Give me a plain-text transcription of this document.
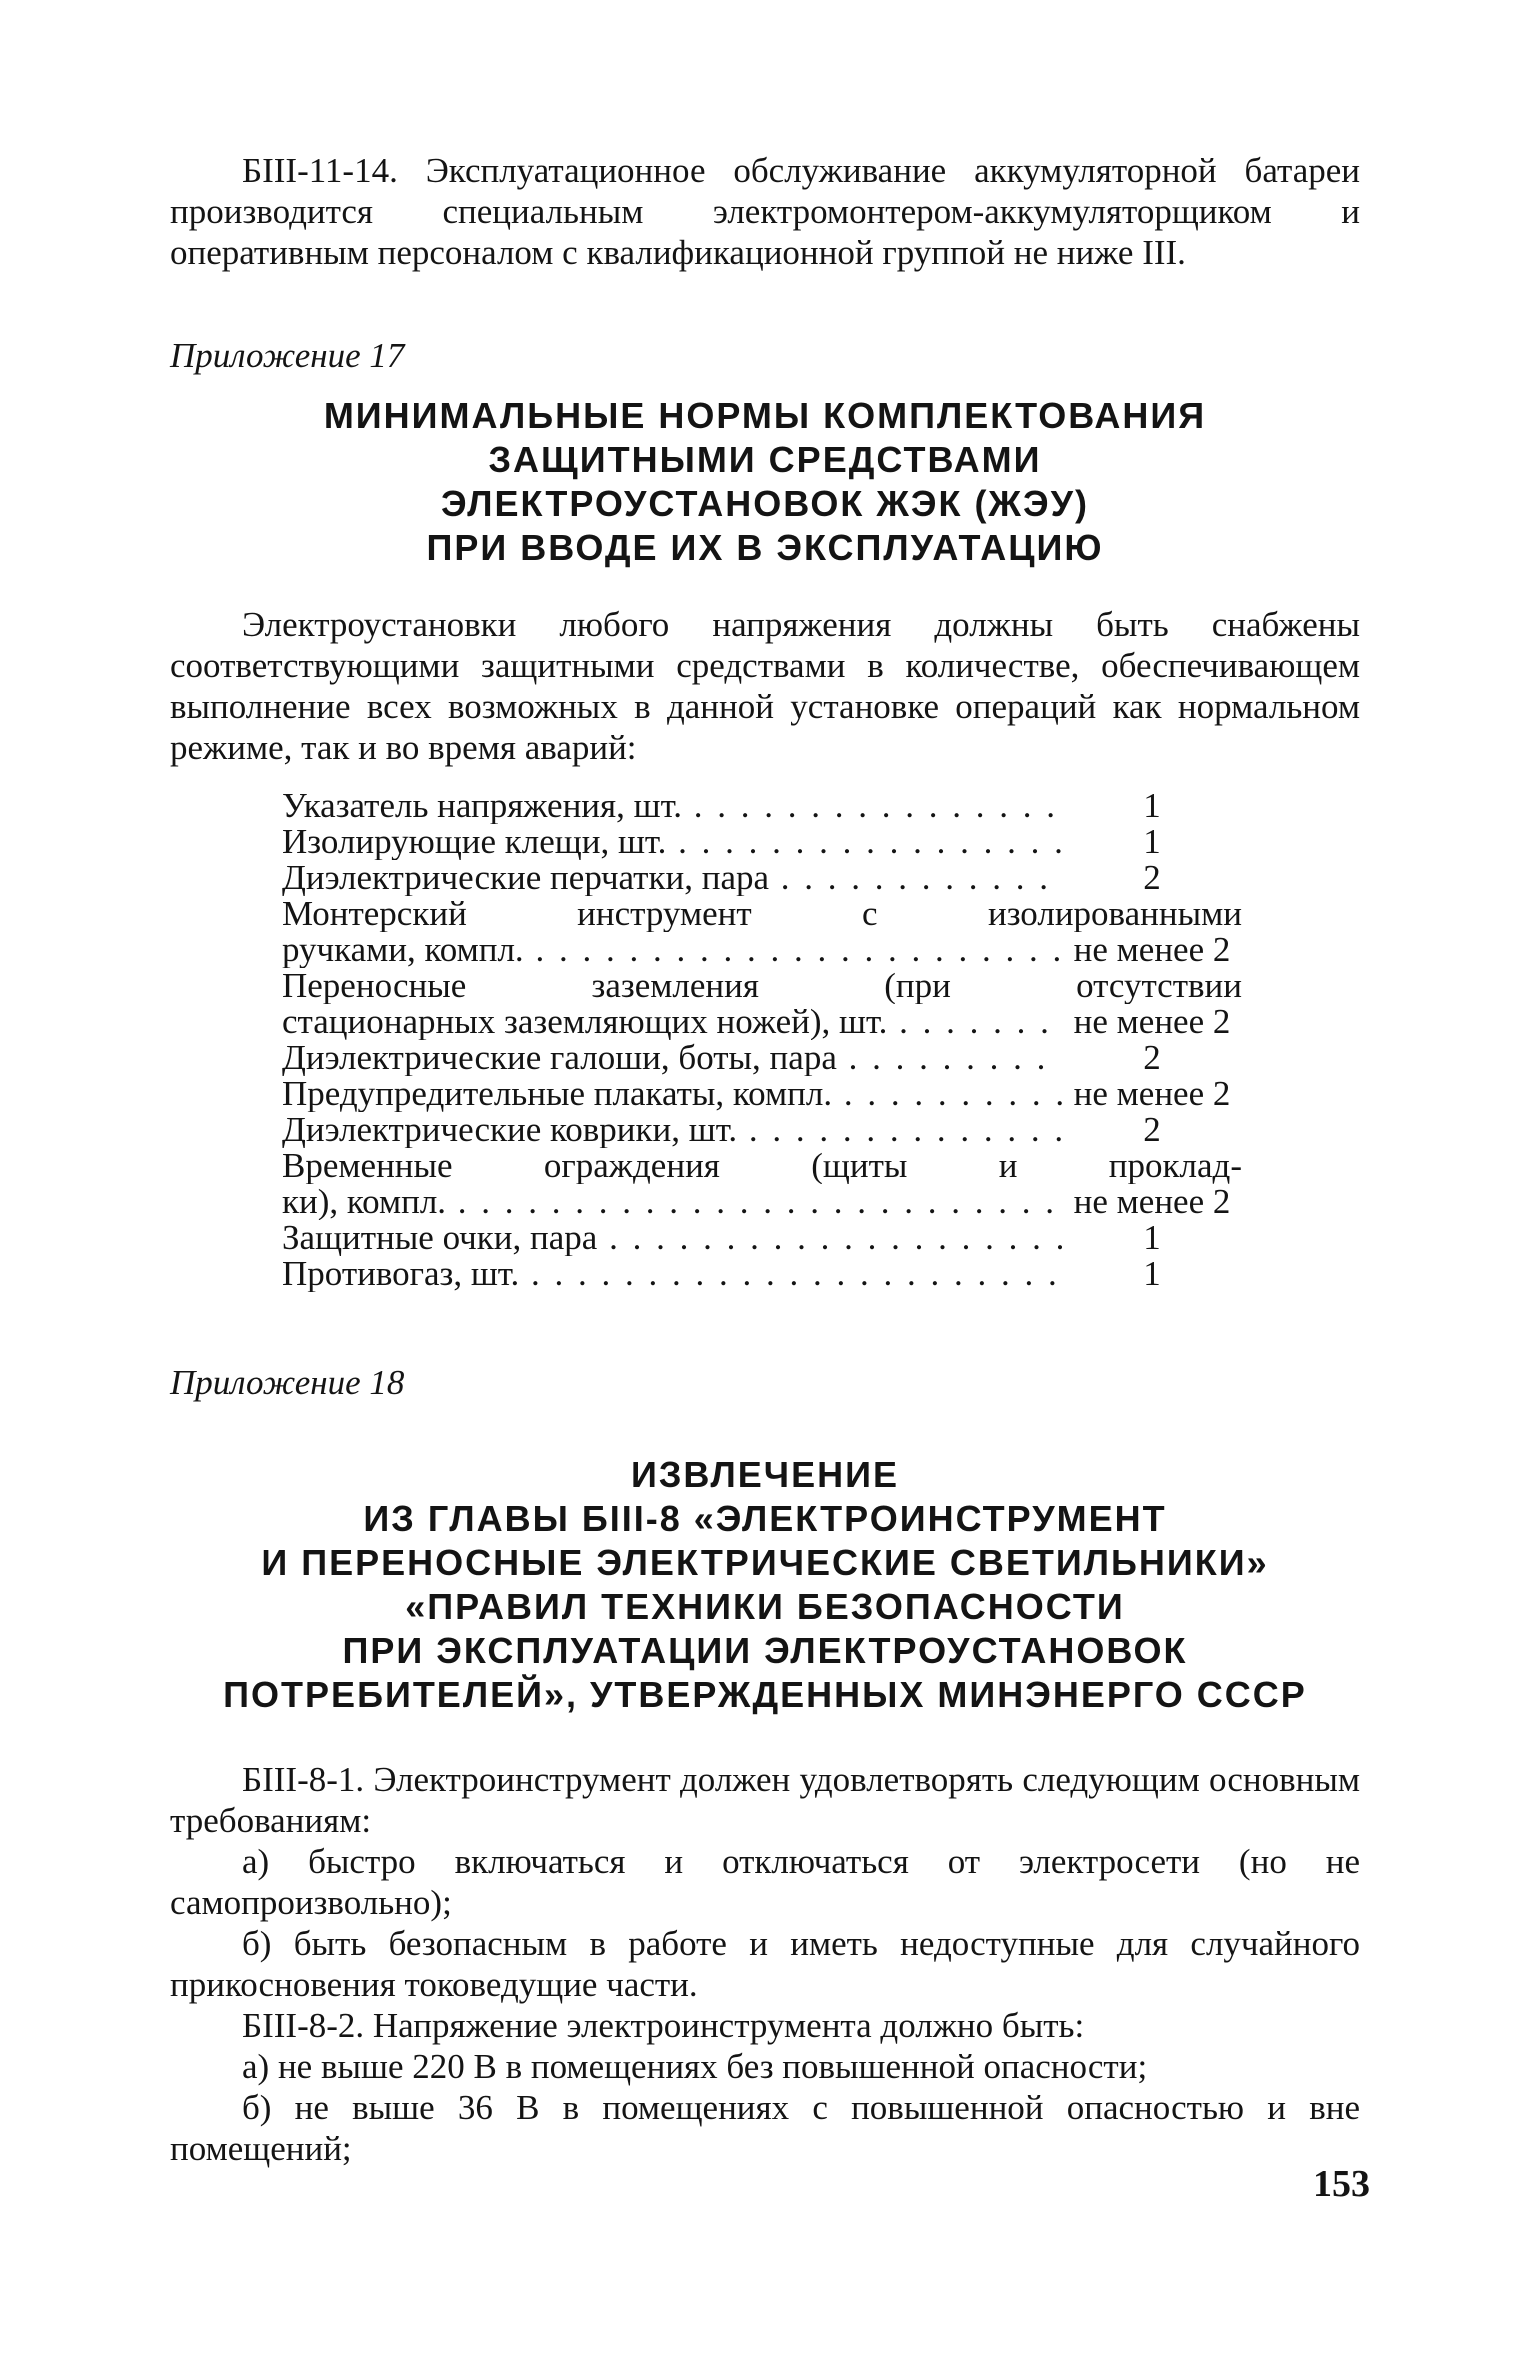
БIII-11-14. Эксплуатационное обслуживание аккумуляторной батареи производится специальным электромонтером-аккумуляторщиком и оперативным персоналом с квалификационной группой не ниже III.

Приложение 17

МИНИМАЛЬНЫЕ НОРМЫ КОМПЛЕКТОВАНИЯ
ЗАЩИТНЫМИ СРЕДСТВАМИ
ЭЛЕКТРОУСТАНОВОК ЖЭК (ЖЭУ)
ПРИ ВВОДЕ ИХ В ЭКСПЛУАТАЦИЮ

Электроустановки любого напряжения должны быть снабжены соответствующими защитными средствами в количестве, обеспечивающем выполнение всех возможных в данной установке операций как нормальном режиме, так и во время аварий:

Указатель напряжения, шт. . . .	1
Изолирующие клещи, шт. . . .	1
Диэлектрические перчатки, пара . . .	2
Монтерский инструмент с изолированными
ручками, компл. . . .	не менее 2
Переносные заземления (при отсутствии
стационарных заземляющих ножей), шт. . . .	не менее 2
Диэлектрические галоши, боты, пара . . .	2
Предупредительные плакаты, компл. . . .	не менее 2
Диэлектрические коврики, шт. . . .	2
Временные ограждения (щиты и проклад-
ки), компл. . . .	не менее 2
Защитные очки, пара . . .	1
Противогаз, шт. . . .	1

Приложение 18

ИЗВЛЕЧЕНИЕ
ИЗ ГЛАВЫ БIII-8 «ЭЛЕКТРОИНСТРУМЕНТ
И ПЕРЕНОСНЫЕ ЭЛЕКТРИЧЕСКИЕ СВЕТИЛЬНИКИ»
«ПРАВИЛ ТЕХНИКИ БЕЗОПАСНОСТИ
ПРИ ЭКСПЛУАТАЦИИ ЭЛЕКТРОУСТАНОВОК
ПОТРЕБИТЕЛЕЙ», УТВЕРЖДЕННЫХ МИНЭНЕРГО СССР

БIII-8-1. Электроинструмент должен удовлетворять следующим основным требованиям:

а) быстро включаться и отключаться от электросети (но не самопроизвольно);

б) быть безопасным в работе и иметь недоступные для случайного прикосновения токоведущие части.

БIII-8-2. Напряжение электроинструмента должно быть:

а) не выше 220 В в помещениях без повышенной опасности;

б) не выше 36 В в помещениях с повышенной опасностью и вне помещений;

153
